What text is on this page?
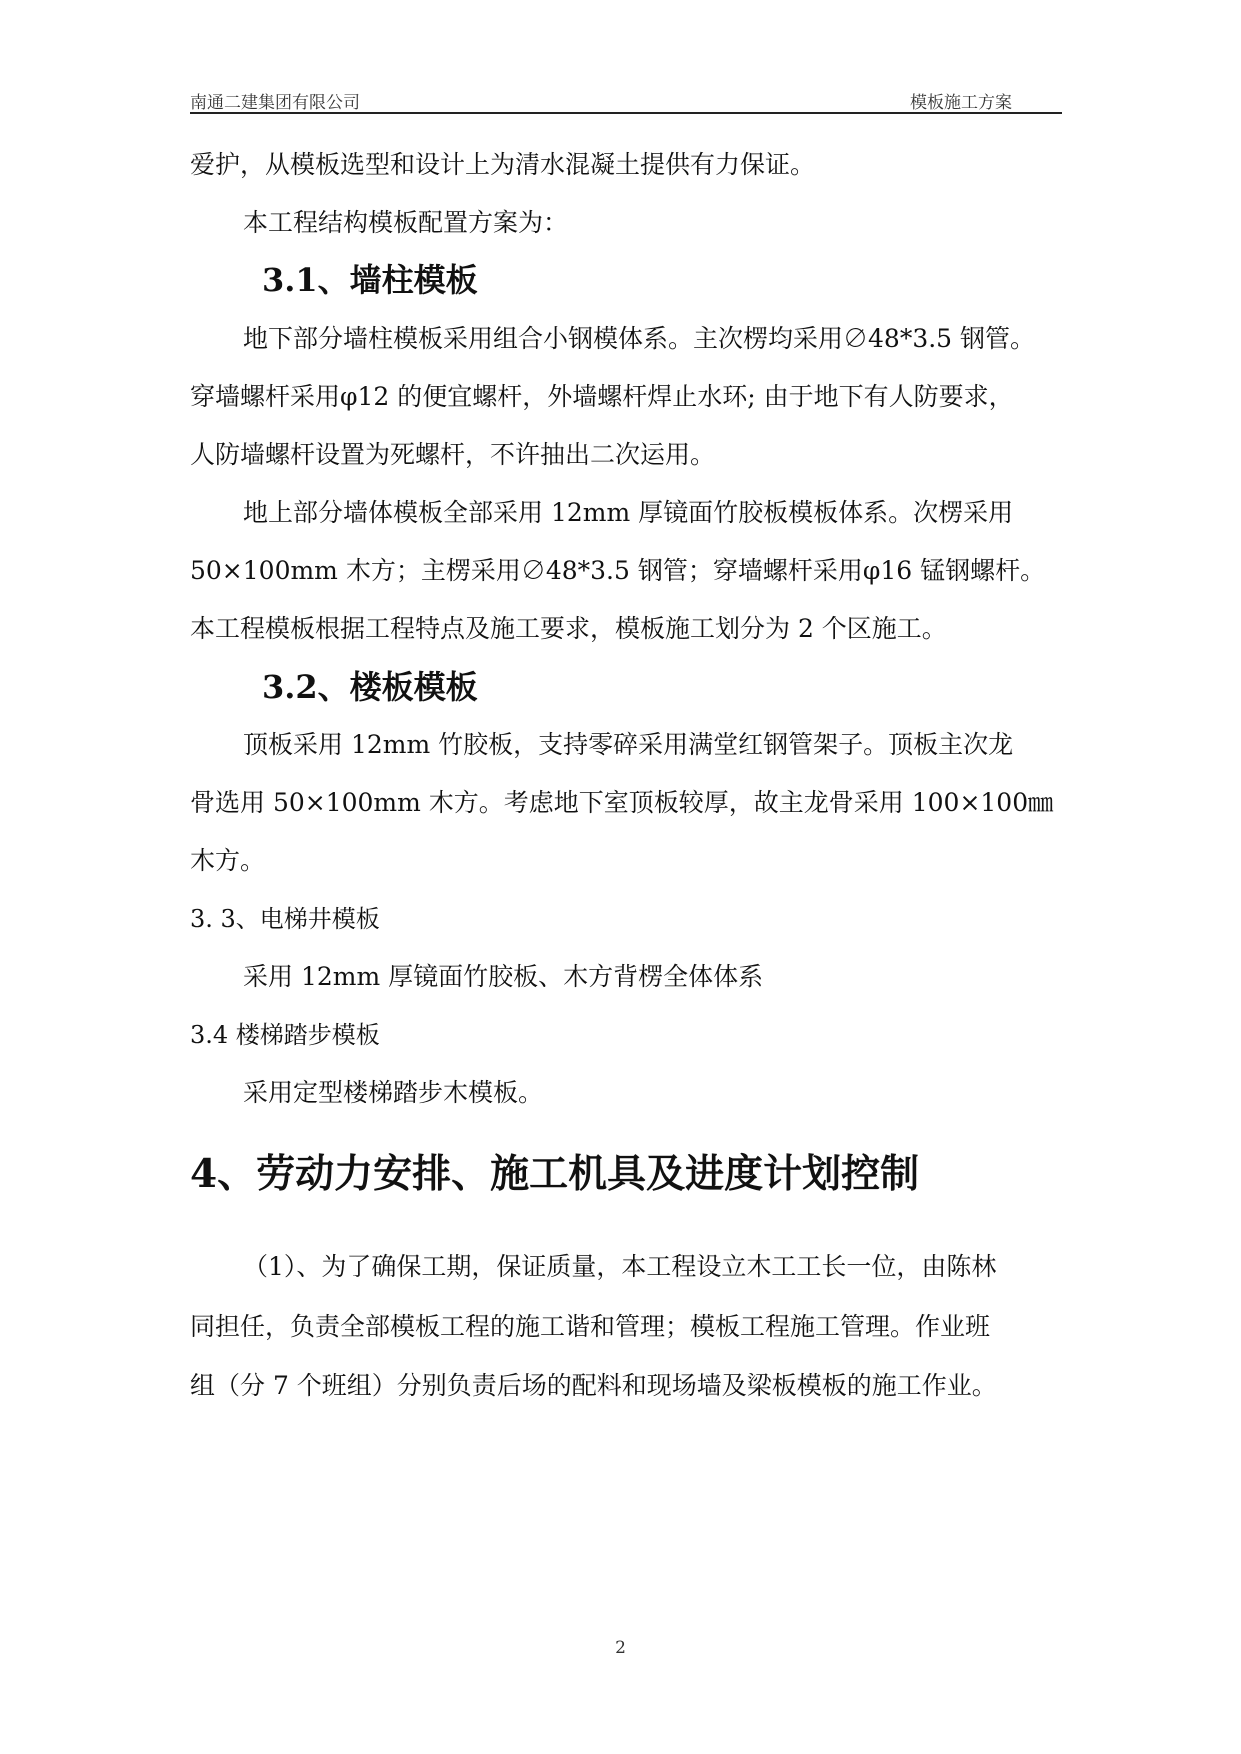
南通二建集团有限公司	模板施工方案
爱护，从模板选型和设计上为清水混凝土提供有力保证。
本工程结构模板配置方案为：
3.1、墙柱模板
地下部分墙柱模板采用组合小钢模体系。主次楞均采用∅48*3.5 钢管。
穿墙螺杆采用φ12 的便宜螺杆，外墙螺杆焊止水环; 由于地下有人防要求，
人防墙螺杆设置为死螺杆，不许抽出二次运用。
地上部分墙体模板全部采用 12mm 厚镜面竹胶板模板体系。次楞采用
50×100mm 木方；主楞采用∅48*3.5 钢管；穿墙螺杆采用φ16 锰钢螺杆。
本工程模板根据工程特点及施工要求，模板施工划分为 2 个区施工。
3.2、楼板模板
顶板采用 12mm 竹胶板，支持零碎采用满堂红钢管架子。顶板主次龙
骨选用 50×100mm 木方。考虑地下室顶板较厚，故主龙骨采用 100×100㎜
木方。
3. 3、电梯井模板
采用 12mm 厚镜面竹胶板、木方背楞全体体系
3.4 楼梯踏步模板
采用定型楼梯踏步木模板。
4、劳动力安排、施工机具及进度计划控制
（1）、为了确保工期，保证质量，本工程设立木工工长一位，由陈林
同担任，负责全部模板工程的施工谐和管理；模板工程施工管理。作业班
组（分 7 个班组）分别负责后场的配料和现场墙及梁板模板的施工作业。
2
